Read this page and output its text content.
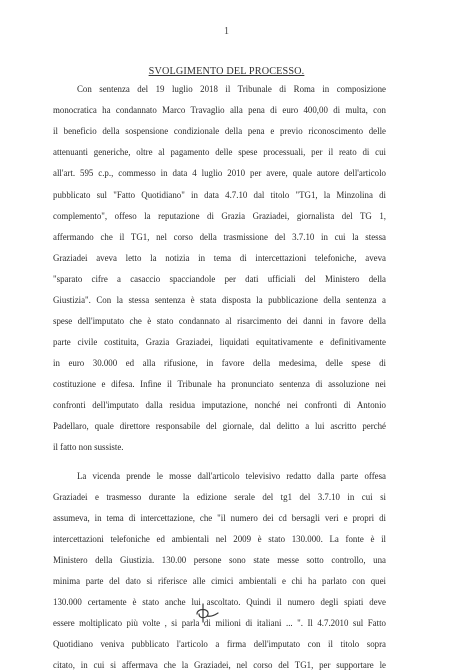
1
SVOLGIMENTO DEL PROCESSO.
Con sentenza del 19 luglio 2018 il Tribunale di Roma in composizione
monocratica ha condannato Marco Travaglio alla pena di euro 400,00 di multa, con
il beneficio della sospensione condizionale della pena e previo riconoscimento delle
attenuanti generiche, oltre al pagamento delle spese processuali, per il reato di cui
all'art. 595 c.p., commesso in data 4 luglio 2010 per avere, quale autore dell'articolo
pubblicato sul "Fatto Quotidiano" in data 4.7.10 dal titolo "TG1, la Minzolina di
complemento", offeso la reputazione di Grazia Graziadei, giornalista del TG 1,
affermando che il TG1, nel corso della trasmissione del 3.7.10 in cui la stessa
Graziadei aveva letto la notizia in tema di intercettazioni telefoniche, aveva
"sparato cifre a casaccio spacciandole per dati ufficiali del Ministero della
Giustizia". Con la stessa sentenza è stata disposta la pubblicazione della sentenza a
spese dell'imputato che è stato condannato al risarcimento dei danni in favore della
parte civile costituita, Grazia Graziadei, liquidati equitativamente e definitivamente
in euro 30.000 ed alla rifusione, in favore della medesima, delle spese di
costituzione e difesa. Infine il Tribunale ha pronunciato sentenza di assoluzione nei
confronti dell'imputato dalla residua imputazione, nonché nei confronti di Antonio
Padellaro, quale direttore responsabile del giornale, dal delitto a lui ascritto perché
il fatto non sussiste.
La vicenda prende le mosse dall'articolo televisivo redatto dalla parte offesa
Graziadei e trasmesso durante la edizione serale del tg1 del 3.7.10 in cui si
assumeva, in tema di intercettazione, che "il numero dei cd bersagli veri e propri di
intercettazioni telefoniche ed ambientali nel 2009 è stato 130.000. La fonte è il
Ministero della Giustizia. 130.00 persone sono state messe sotto controllo, una
minima parte del dato si riferisce alle cimici ambientali e chi ha parlato con quei
130.000 certamente è stato anche lui ascoltato. Quindi il numero degli spiati deve
essere moltiplicato più volte , si parla di milioni di italiani ... ". Il 4.7.2010 sul Fatto
Quotidiano veniva pubblicato l'articolo a firma dell'imputato con il titolo sopra
citato, in cui si affermava che la Graziadei, nel corso del TG1, per supportare le
